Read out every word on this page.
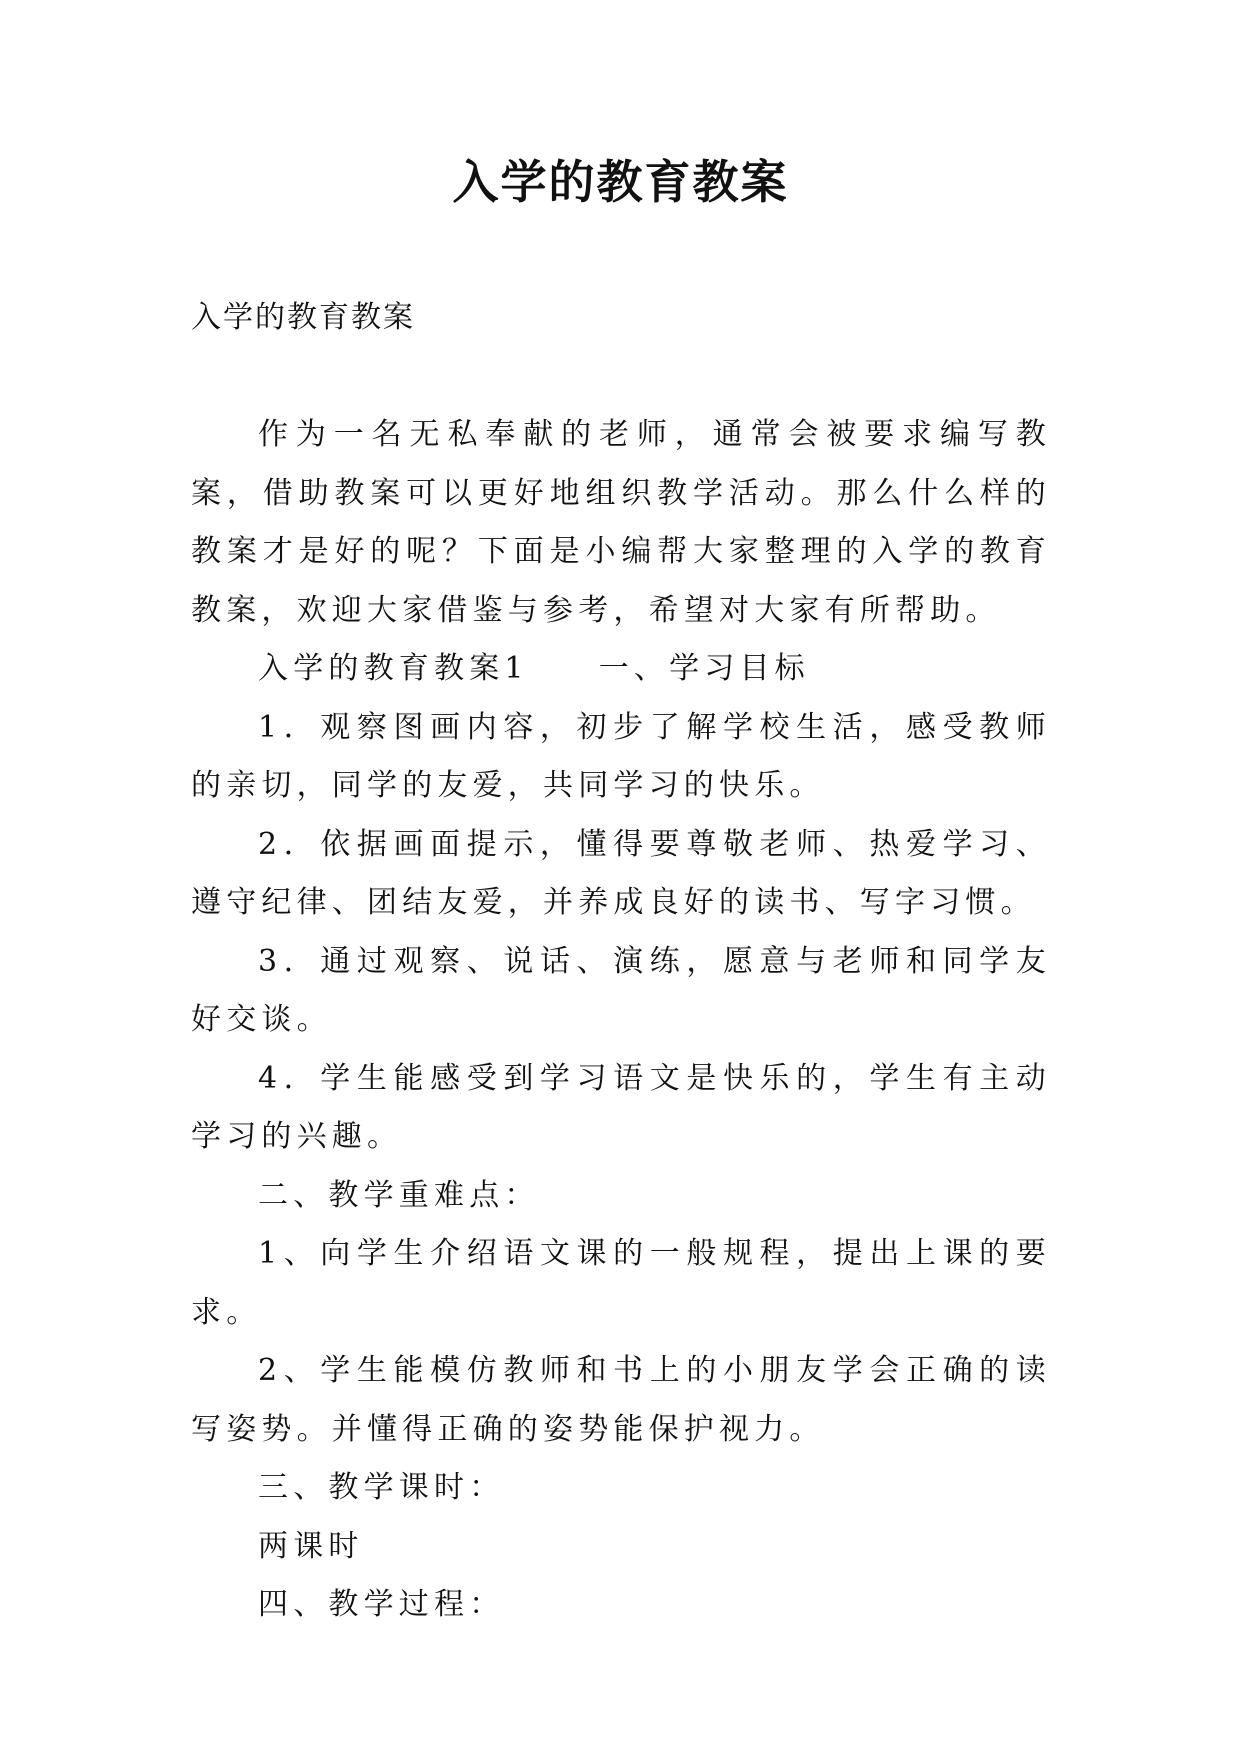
入学的教育教案
入学的教育教案

作为一名无私奉献的老师，通常会被要求编写教案，借助教案可以更好地组织教学活动。那么什么样的教案才是好的呢？下面是小编帮大家整理的入学的教育教案，欢迎大家借鉴与参考，希望对大家有所帮助。

入学的教育教案1 一、学习目标

1．观察图画内容，初步了解学校生活，感受教师的亲切，同学的友爱，共同学习的快乐。

2．依据画面提示，懂得要尊敬老师、热爱学习、遵守纪律、团结友爱，并养成良好的读书、写字习惯。

3．通过观察、说话、演练，愿意与老师和同学友好交谈。

4．学生能感受到学习语文是快乐的，学生有主动学习的兴趣。

二、教学重难点：

1、向学生介绍语文课的一般规程，提出上课的要求。

2、学生能模仿教师和书上的小朋友学会正确的读写姿势。并懂得正确的姿势能保护视力。

三、教学课时：

两课时

四、教学过程：
